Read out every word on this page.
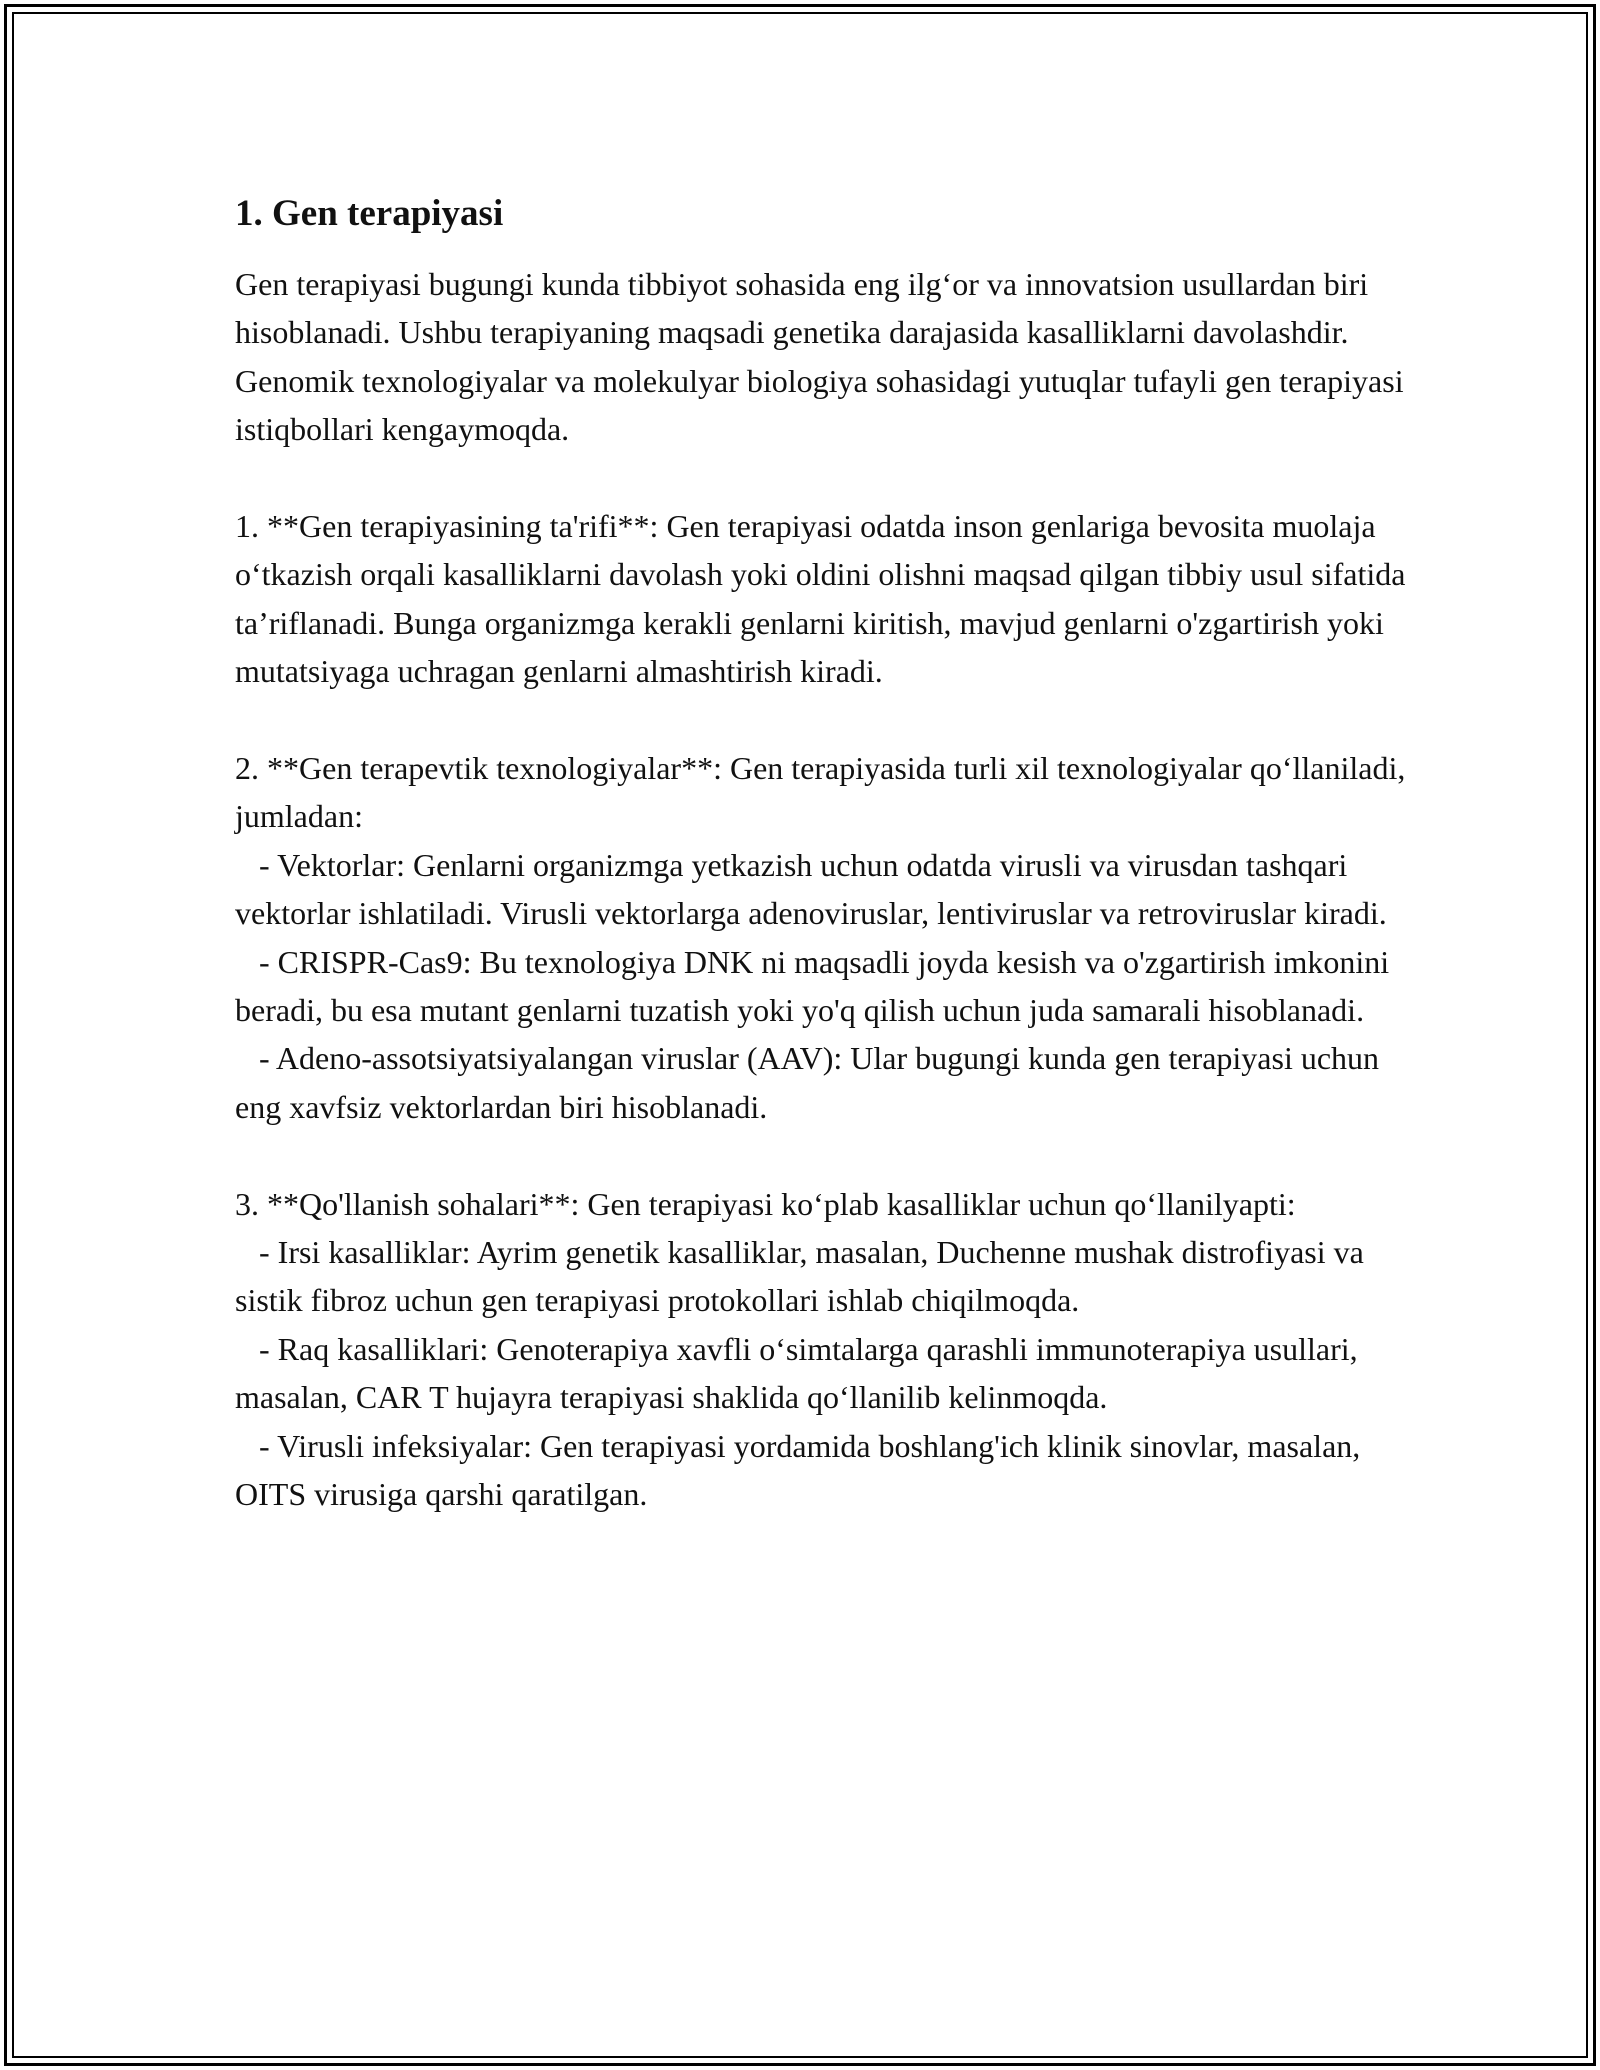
1. Gen terapiyasi

Gen terapiyasi bugungi kunda tibbiyot sohasida eng ilg‘or va innovatsion usullardan biri hisoblanadi. Ushbu terapiyaning maqsadi genetika darajasida kasalliklarni davolashdir. Genomik texnologiyalar va molekulyar biologiya sohasidagi yutuqlar tufayli gen terapiyasi istiqbollari kengaymoqda.

1. **Gen terapiyasining ta'rifi**: Gen terapiyasi odatda inson genlariga bevosita muolaja o‘tkazish orqali kasalliklarni davolash yoki oldini olishni maqsad qilgan tibbiy usul sifatida ta’riflanadi. Bunga organizmga kerakli genlarni kiritish, mavjud genlarni o'zgartirish yoki mutatsiyaga uchragan genlarni almashtirish kiradi.

2. **Gen terapevtik texnologiyalar**: Gen terapiyasida turli xil texnologiyalar qo‘llaniladi, jumladan:

- Vektorlar: Genlarni organizmga yetkazish uchun odatda virusli va virusdan tashqari vektorlar ishlatiladi. Virusli vektorlarga adenoviruslar, lentiviruslar va retroviruslar kiradi.

- CRISPR-Cas9: Bu texnologiya DNK ni maqsadli joyda kesish va o'zgartirish imkonini beradi, bu esa mutant genlarni tuzatish yoki yo'q qilish uchun juda samarali hisoblanadi.

- Adeno-assotsiyatsiyalangan viruslar (AAV): Ular bugungi kunda gen terapiyasi uchun eng xavfsiz vektorlardan biri hisoblanadi.

3. **Qo'llanish sohalari**: Gen terapiyasi ko‘plab kasalliklar uchun qo‘llanilyapti:

- Irsi kasalliklar: Ayrim genetik kasalliklar, masalan, Duchenne mushak distrofiyasi va sistik fibroz uchun gen terapiyasi protokollari ishlab chiqilmoqda.

- Raq kasalliklari: Genoterapiya xavfli o‘simtalarga qarashli immunoterapiya usullari, masalan, CAR T hujayra terapiyasi shaklida qo‘llanilib kelinmoqda.

- Virusli infeksiyalar: Gen terapiyasi yordamida boshlang'ich klinik sinovlar, masalan, OITS virusiga qarshi qaratilgan.
